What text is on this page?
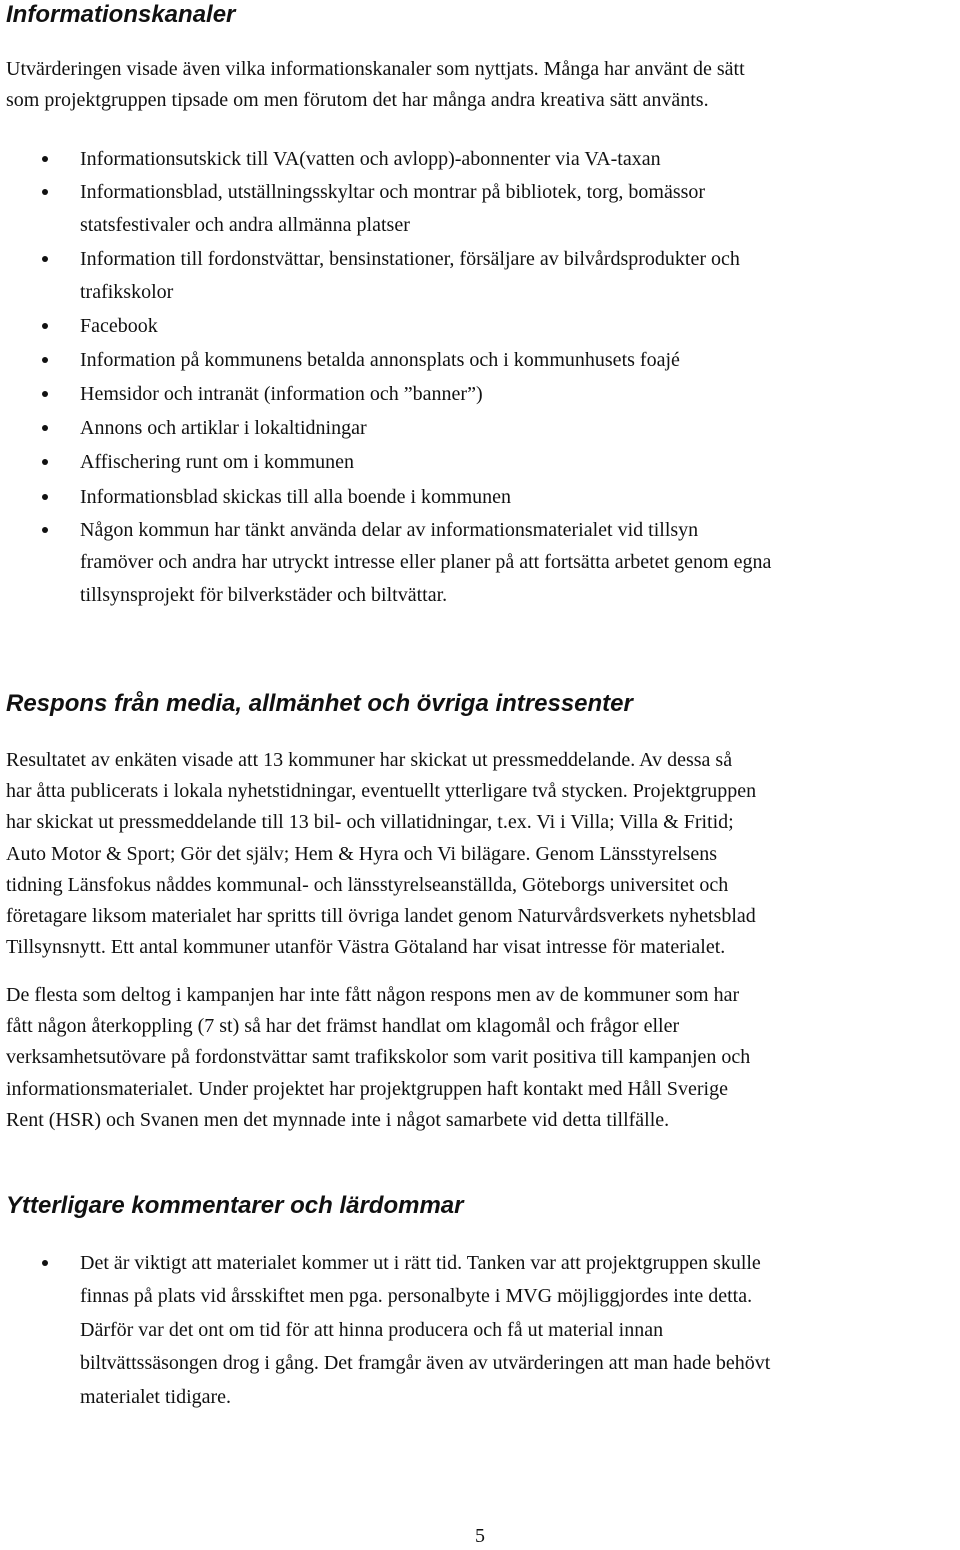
Informationskanaler

Utvärderingen visade även vilka informationskanaler som nyttjats. Många har använt de sätt
som projektgruppen tipsade om men förutom det har många andra kreativa sätt använts.

Informationsutskick till VA(vatten och avlopp)-abonnenter via VA-taxan
Informationsblad, utställningsskyltar och montrar på bibliotek, torg, bomässor
statsfestivaler och andra allmänna platser
Information till fordonstvättar, bensinstationer, försäljare av bilvårdsprodukter och
trafikskolor
Facebook
Information på kommunens betalda annonsplats och i kommunhusets foajé
Hemsidor och intranät (information och ”banner”)
Annons och artiklar i lokaltidningar
Affischering runt om i kommunen
Informationsblad skickas till alla boende i kommunen
Någon kommun har tänkt använda delar av informationsmaterialet vid tillsyn
framöver och andra har utryckt intresse eller planer på att fortsätta arbetet genom egna
tillsynsprojekt för bilverkstäder och biltvättar.
Respons från media, allmänhet och övriga intressenter

Resultatet av enkäten visade att 13 kommuner har skickat ut pressmeddelande. Av dessa så
har åtta publicerats i lokala nyhetstidningar, eventuellt ytterligare två stycken. Projektgruppen
har skickat ut pressmeddelande till 13 bil- och villatidningar, t.ex. Vi i Villa; Villa & Fritid;
Auto Motor & Sport; Gör det själv; Hem & Hyra och Vi bilägare. Genom Länsstyrelsens
tidning Länsfokus nåddes kommunal- och länsstyrelseanställda, Göteborgs universitet och
företagare liksom materialet har spritts till övriga landet genom Naturvårdsverkets nyhetsblad
Tillsynsnytt. Ett antal kommuner utanför Västra Götaland har visat intresse för materialet.

De flesta som deltog i kampanjen har inte fått någon respons men av de kommuner som har
fått någon återkoppling (7 st) så har det främst handlat om klagomål och frågor eller
verksamhetsutövare på fordonstvättar samt trafikskolor som varit positiva till kampanjen och
informationsmaterialet. Under projektet har projektgruppen haft kontakt med Håll Sverige
Rent (HSR) och Svanen men det mynnade inte i något samarbete vid detta tillfälle.

Ytterligare kommentarer och lärdommar
Det är viktigt att materialet kommer ut i rätt tid. Tanken var att projektgruppen skulle
finnas på plats vid årsskiftet men pga. personalbyte i MVG möjliggjordes inte detta.
Därför var det ont om tid för att hinna producera och få ut material innan
biltvättssäsongen drog i gång. Det framgår även av utvärderingen att man hade behövt
materialet tidigare.
5
